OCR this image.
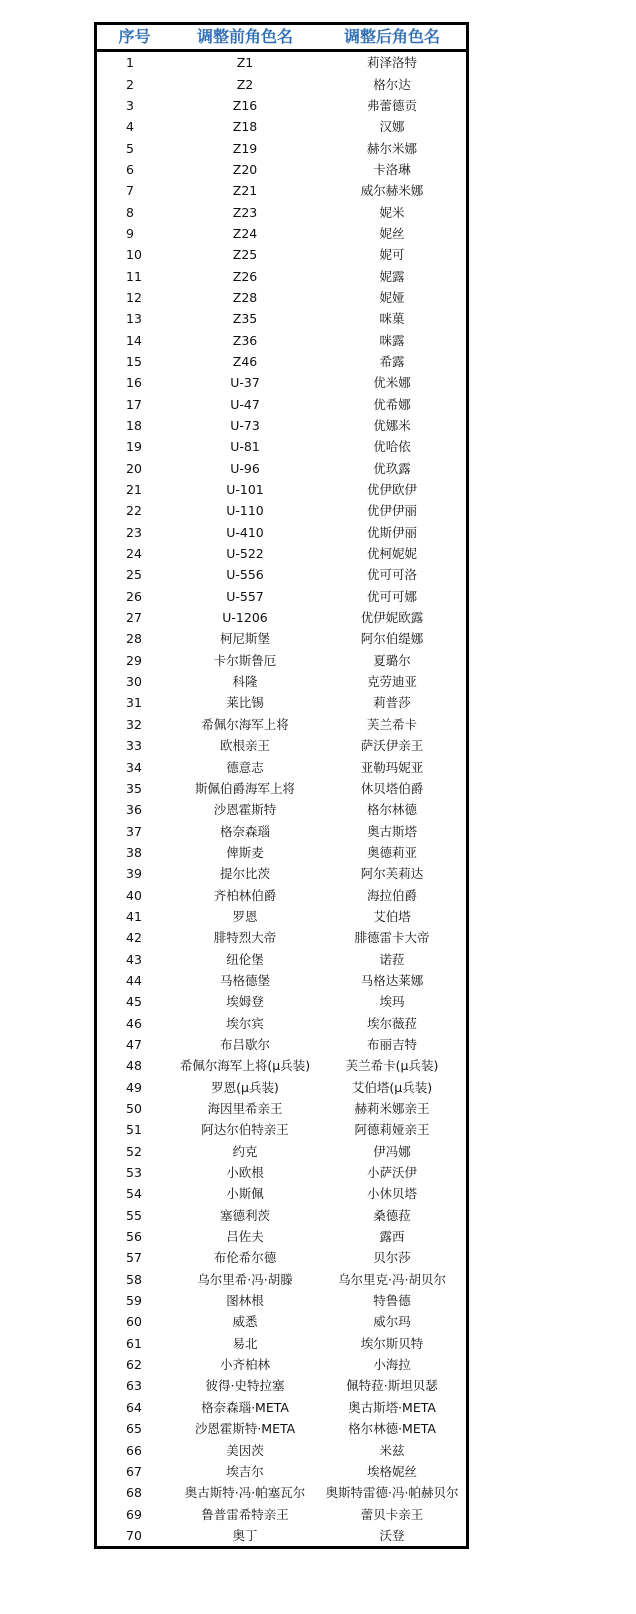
序号	调整前角色名	调整后角色名
1	Z1	莉泽洛特
2	Z2	格尔达
3	Z16	弗蕾德贡
4	Z18	汉娜
5	Z19	赫尔米娜
6	Z20	卡洛琳
7	Z21	威尔赫米娜
8	Z23	妮米
9	Z24	妮丝
10	Z25	妮可
11	Z26	妮露
12	Z28	妮娅
13	Z35	咪菓
14	Z36	咪露
15	Z46	希露
16	U-37	优米娜
17	U-47	优希娜
18	U-73	优娜米
19	U-81	优哈依
20	U-96	优玖露
21	U-101	优伊欧伊
22	U-110	优伊伊丽
23	U-410	优斯伊丽
24	U-522	优柯妮妮
25	U-556	优可可洛
26	U-557	优可可娜
27	U-1206	优伊妮欧露
28	柯尼斯堡	阿尔伯缇娜
29	卡尔斯鲁厄	夏璐尔
30	科隆	克劳迪亚
31	莱比锡	莉普莎
32	希佩尔海军上将	芙兰希卡
33	欧根亲王	萨沃伊亲王
34	德意志	亚勒玛妮亚
35	斯佩伯爵海军上将	休贝塔伯爵
36	沙恩霍斯特	格尔林德
37	格奈森瑙	奥古斯塔
38	俾斯麦	奥德莉亚
39	提尔比茨	阿尔芙莉达
40	齐柏林伯爵	海拉伯爵
41	罗恩	艾伯塔
42	腓特烈大帝	腓德雷卡大帝
43	纽伦堡	诺菈
44	马格德堡	马格达莱娜
45	埃姆登	埃玛
46	埃尔宾	埃尔薇菈
47	布吕歇尔	布丽吉特
48	希佩尔海军上将(μ兵装)	芙兰希卡(μ兵装)
49	罗恩(μ兵装)	艾伯塔(μ兵装)
50	海因里希亲王	赫莉米娜亲王
51	阿达尔伯特亲王	阿德莉娅亲王
52	约克	伊冯娜
53	小欧根	小萨沃伊
54	小斯佩	小休贝塔
55	塞德利茨	桑德菈
56	吕佐夫	露西
57	布伦希尔德	贝尔莎
58	乌尔里希·冯·胡滕	乌尔里克·冯·胡贝尔
59	图林根	特鲁德
60	威悉	威尔玛
61	易北	埃尔斯贝特
62	小齐柏林	小海拉
63	彼得·史特拉塞	佩特菈·斯坦贝瑟
64	格奈森瑙·META	奥古斯塔·META
65	沙恩霍斯特·META	格尔林德·META
66	美因茨	米兹
67	埃吉尔	埃格妮丝
68	奥古斯特·冯·帕塞瓦尔	奥斯特雷德·冯·帕赫贝尔
69	鲁普雷希特亲王	蕾贝卡亲王
70	奥丁	沃登
